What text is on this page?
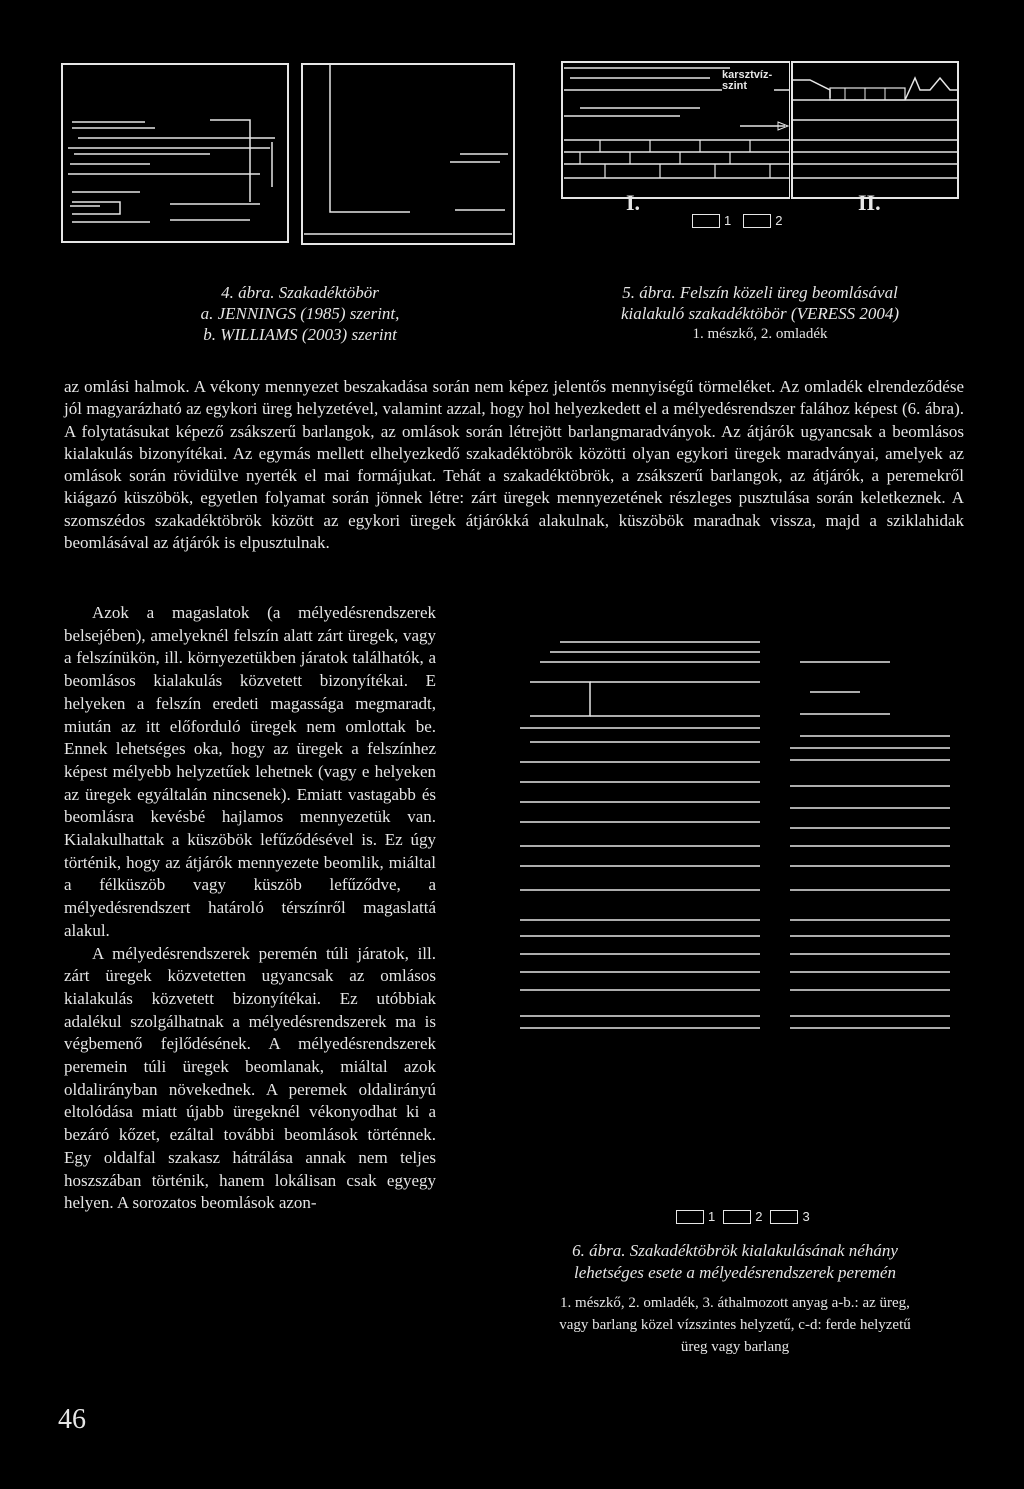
karsztvíz-szint
I.	II.
1	2
4. ábra. Szakadéktöbör
a. JENNINGS (1985) szerint,
b. WILLIAMS (2003) szerint
5. ábra. Felszín közeli üreg beomlásával
kialakuló szakadéktöbör (VERESS 2004)
1. mészkő, 2. omladék

az omlási halmok. A vékony mennyezet beszakadása során nem képez jelentős mennyiségű törmeléket. Az omladék elrendeződése jól magyarázható az egykori üreg helyzetével, valamint azzal, hogy hol helyezkedett el a mélyedésrendszer falához képest (6. ábra). A folytatásukat képező zsákszerű barlangok, az omlások során létrejött barlangmaradványok. Az átjárók ugyancsak a beomlásos kialakulás bizonyítékai. Az egymás mellett elhelyezkedő szakadéktöbrök közötti olyan egykori üregek maradványai, amelyek az omlások során rövidülve nyerték el mai formájukat. Tehát a szakadéktöbrök, a zsákszerű barlangok, az átjárók, a peremekről kiágazó küszöbök, egyetlen folyamat során jönnek létre: zárt üregek mennyezetének részleges pusztulása során keletkeznek. A szomszédos szakadéktöbrök között az egykori üregek átjárókká alakulnak, küszöbök maradnak vissza, majd a sziklahidak beomlásával az átjárók is elpusztulnak.

Azok a magaslatok (a mélyedésrendszerek belsejében), amelyeknél felszín alatt zárt üregek, vagy a felszínükön, ill. környezetükben járatok találhatók, a beomlásos kialakulás közvetett bizonyítékai. E helyeken a felszín eredeti magassága megmaradt, miután az itt előforduló üregek nem omlottak be. Ennek lehetséges oka, hogy az üregek a felszínhez képest mélyebb helyzetűek lehetnek (vagy e helyeken az üregek egyáltalán nincsenek). Emiatt vastagabb és beomlásra kevésbé hajlamos mennyezetük van. Kialakulhattak a küszöbök lefűződésével is. Ez úgy történik, hogy az átjárók mennyezete beomlik, miáltal a félküszöb vagy küszöb lefűződve, a mélyedésrendszert határoló térszínről magaslattá alakul.

A mélyedésrendszerek peremén túli járatok, ill. zárt üregek közvetetten ugyancsak az omlásos kialakulás közvetett bizonyítékai. Ez utóbbiak adalékul szolgálhatnak a mélyedésrendszerek ma is végbemenő fejlődésének. A mélyedésrendszerek peremein túli üregek beomlanak, miáltal azok oldalirányban növekednek. A peremek oldalirányú eltolódása miatt újabb üregeknél vékonyodhat ki a bezáró kőzet, ezáltal további beomlások történnek. Egy oldalfal szakasz hátrálása annak nem teljes hoszszában történik, hanem lokálisan csak egyegy helyen. A sorozatos beomlások azon-

1	2	3
6. ábra. Szakadéktöbrök kialakulásának néhány
lehetséges esete a mélyedésrendszerek peremén
1. mészkő, 2. omladék, 3. áthalmozott anyag a-b.: az üreg,
vagy barlang közel vízszintes helyzetű, c-d: ferde helyzetű
üreg vagy barlang
46
